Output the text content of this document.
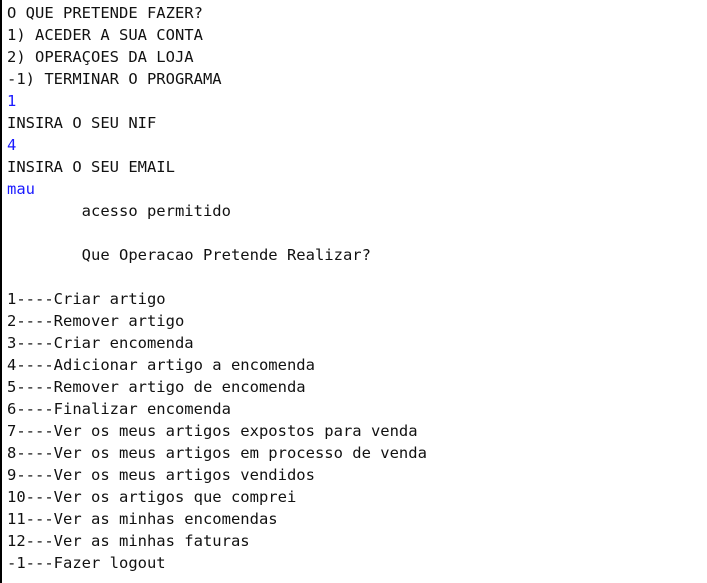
O QUE PRETENDE FAZER?
1) ACEDER A SUA CONTA
2) OPERAÇOES DA LOJA
-1) TERMINAR O PROGRAMA
1
INSIRA O SEU NIF
4
INSIRA O SEU EMAIL
mau
acesso permitido
Que Operacao Pretende Realizar?
1----Criar artigo
2----Remover artigo
3----Criar encomenda
4----Adicionar artigo a encomenda
5----Remover artigo de encomenda
6----Finalizar encomenda
7----Ver os meus artigos expostos para venda
8----Ver os meus artigos em processo de venda
9----Ver os meus artigos vendidos
10---Ver os artigos que comprei
11---Ver as minhas encomendas
12---Ver as minhas faturas
-1---Fazer logout
